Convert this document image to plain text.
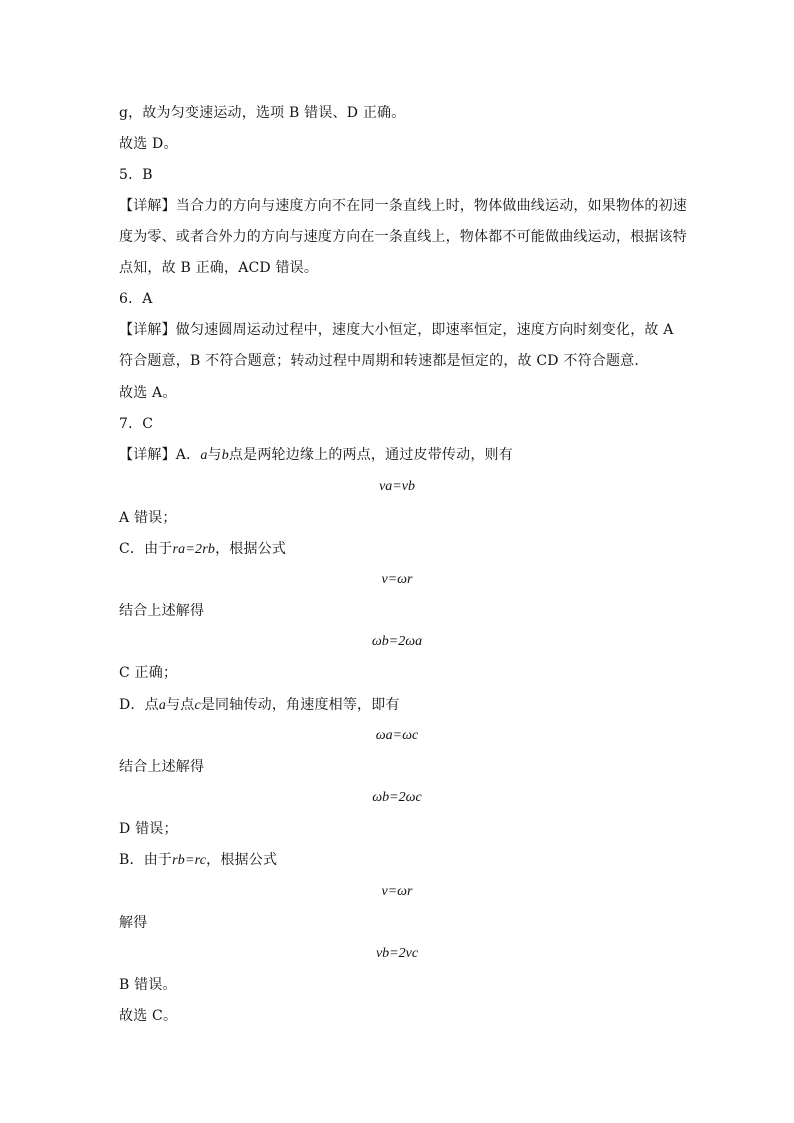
g，故为匀变速运动，选项 B 错误、D 正确。
故选 D。
5．B
【详解】当合力的方向与速度方向不在同一条直线上时，物体做曲线运动，如果物体的初速
度为零、或者合外力的方向与速度方向在一条直线上，物体都不可能做曲线运动，根据该特
点知，故 B 正确，ACD 错误。
6．A
【详解】做匀速圆周运动过程中，速度大小恒定，即速率恒定，速度方向时刻变化，故 A
符合题意，B 不符合题意；转动过程中周期和转速都是恒定的，故 CD 不符合题意．
故选 A。
7．C
【详解】A．a与b点是两轮边缘上的两点，通过皮带传动，则有
va=vb
A 错误；
C．由于ra=2rb，根据公式
v=ωr
结合上述解得
ωb=2ωa
C 正确；
D．点a与点c是同轴传动，角速度相等，即有
ωa=ωc
结合上述解得
ωb=2ωc
D 错误；
B．由于rb=rc，根据公式
v=ωr
解得
vb=2vc
B 错误。
故选 C。
